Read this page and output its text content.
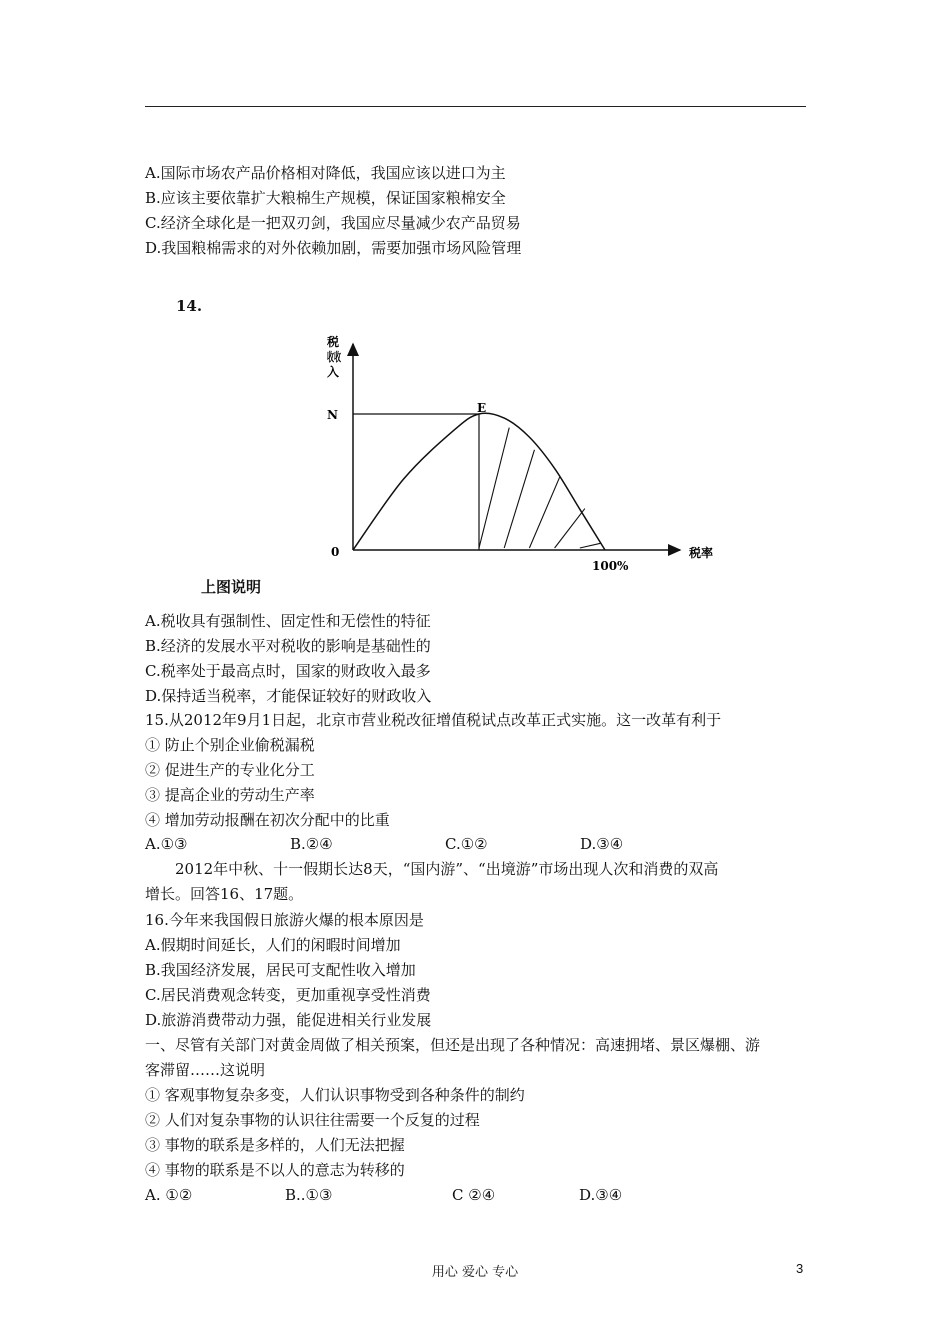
A.国际市场农产品价格相对降低，我国应该以进口为主
B.应该主要依靠扩大粮棉生产规模，保证国家粮棉安全
C.经济全球化是一把双刃剑，我国应尽量减少农产品贸易
D.我国粮棉需求的对外依赖加剧，需要加强市场风险管理
14.
税
收收
入
N
0
E
100%
税率
上图说明
A.税收具有强制性、固定性和无偿性的特征
B.经济的发展水平对税收的影响是基础性的
C.税率处于最高点时，国家的财政收入最多
D.保持适当税率，才能保证较好的财政收入
15.从2012年9月1日起，北京市营业税改征增值税试点改革正式实施。这一改革有利于
① 防止个别企业偷税漏税
② 促进生产的专业化分工
③ 提高企业的劳动生产率
④ 增加劳动报酬在初次分配中的比重
A.①③	B.②④	C.①②	D.③④
2012年中秋、十一假期长达8天，“国内游”、“出境游”市场出现人次和消费的双高
增长。回答16、17题。
16.今年来我国假日旅游火爆的根本原因是
A.假期时间延长，人们的闲暇时间增加
B.我国经济发展，居民可支配性收入增加
C.居民消费观念转变，更加重视享受性消费
D.旅游消费带动力强，能促进相关行业发展
一、尽管有关部门对黄金周做了相关预案，但还是出现了各种情况：高速拥堵、景区爆棚、游
客滞留……这说明
① 客观事物复杂多变，人们认识事物受到各种条件的制约
② 人们对复杂事物的认识往往需要一个反复的过程
③ 事物的联系是多样的，人们无法把握
④ 事物的联系是不以人的意志为转移的
A. ①②	B..①③	C ②④	D.③④
用心 爱心 专心	3
